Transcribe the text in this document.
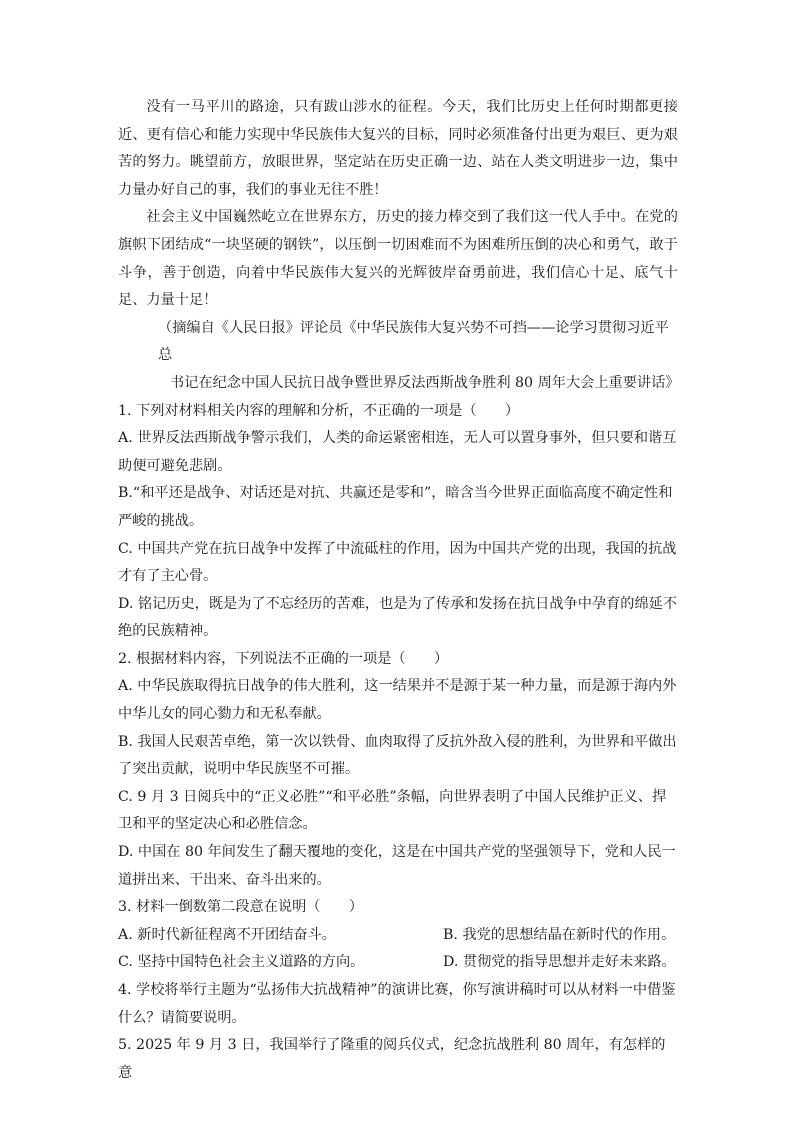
没有一马平川的路途，只有跋山涉水的征程。今天，我们比历史上任何时期都更接近、更有信心和能力实现中华民族伟大复兴的目标，同时必须准备付出更为艰巨、更为艰苦的努力。眺望前方，放眼世界，坚定站在历史正确一边、站在人类文明进步一边，集中力量办好自己的事，我们的事业无往不胜！

社会主义中国巍然屹立在世界东方，历史的接力棒交到了我们这一代人手中。在党的旗帜下团结成“一块坚硬的钢铁”，以压倒一切困难而不为困难所压倒的决心和勇气，敢于斗争，善于创造，向着中华民族伟大复兴的光辉彼岸奋勇前进，我们信心十足、底气十足、力量十足！

（摘编自《人民日报》评论员《中华民族伟大复兴势不可挡——论学习贯彻习近平总
书记在纪念中国人民抗日战争暨世界反法西斯战争胜利 80 周年大会上重要讲话》

1. 下列对材料相关内容的理解和分析，不正确的一项是（　　）

A. 世界反法西斯战争警示我们，人类的命运紧密相连，无人可以置身事外，但只要和谐互助便可避免悲剧。

B.“和平还是战争、对话还是对抗、共赢还是零和”，暗含当今世界正面临高度不确定性和严峻的挑战。

C. 中国共产党在抗日战争中发挥了中流砥柱的作用，因为中国共产党的出现，我国的抗战才有了主心骨。

D. 铭记历史，既是为了不忘经历的苦难，也是为了传承和发扬在抗日战争中孕育的绵延不绝的民族精神。

2. 根据材料内容，下列说法不正确的一项是（　　）

A. 中华民族取得抗日战争的伟大胜利，这一结果并不是源于某一种力量，而是源于海内外中华儿女的同心勠力和无私奉献。

B. 我国人民艰苦卓绝，第一次以铁骨、血肉取得了反抗外敌入侵的胜利，为世界和平做出了突出贡献，说明中华民族坚不可摧。

C. 9 月 3 日阅兵中的“正义必胜”“和平必胜”条幅，向世界表明了中国人民维护正义、捍卫和平的坚定决心和必胜信念。

D. 中国在 80 年间发生了翻天覆地的变化，这是在中国共产党的坚强领导下，党和人民一道拼出来、干出来、奋斗出来的。

3. 材料一倒数第二段意在说明（　　）

A. 新时代新征程离不开团结奋斗。	B. 我党的思想结晶在新时代的作用。
C. 坚持中国特色社会主义道路的方向。	D. 贯彻党的指导思想并走好未来路。

4. 学校将举行主题为“弘扬伟大抗战精神”的演讲比赛，你写演讲稿时可以从材料一中借鉴什么？请简要说明。

5. 2025 年 9 月 3 日，我国举行了隆重的阅兵仪式，纪念抗战胜利 80 周年，有怎样的意
